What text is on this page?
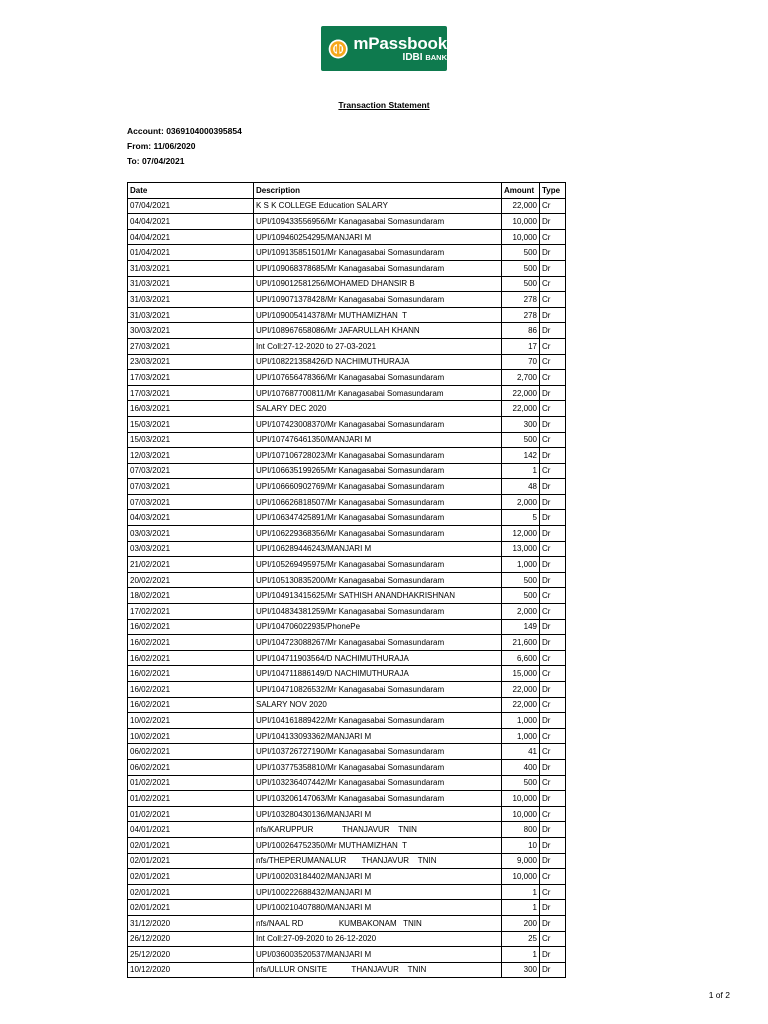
mPassbook
IDBI BANK
Transaction Statement
Account: 0369104000395854
From: 11/06/2020
To: 07/04/2021
Date	Description	Amount	Type
07/04/2021	K S K COLLEGE Education SALARY	22,000	Cr
04/04/2021	UPI/109433556956/Mr Kanagasabai Somasundaram	10,000	Dr
04/04/2021	UPI/109460254295/MANJARI M	10,000	Cr
01/04/2021	UPI/109135851501/Mr Kanagasabai Somasundaram	500	Dr
31/03/2021	UPI/109068378685/Mr Kanagasabai Somasundaram	500	Dr
31/03/2021	UPI/109012581256/MOHAMED DHANSIR B	500	Cr
31/03/2021	UPI/109071378428/Mr Kanagasabai Somasundaram	278	Cr
31/03/2021	UPI/109005414378/Mr MUTHAMIZHAN  T	278	Dr
30/03/2021	UPI/108967658086/Mr JAFARULLAH KHANN	86	Dr
27/03/2021	Int Coll:27-12-2020 to 27-03-2021	17	Cr
23/03/2021	UPI/108221358426/D NACHIMUTHURAJA	70	Cr
17/03/2021	UPI/107656478366/Mr Kanagasabai Somasundaram	2,700	Cr
17/03/2021	UPI/107687700811/Mr Kanagasabai Somasundaram	22,000	Dr
16/03/2021	SALARY DEC 2020	22,000	Cr
15/03/2021	UPI/107423008370/Mr Kanagasabai Somasundaram	300	Dr
15/03/2021	UPI/107476461350/MANJARI M	500	Cr
12/03/2021	UPI/107106728023/Mr Kanagasabai Somasundaram	142	Dr
07/03/2021	UPI/106635199265/Mr Kanagasabai Somasundaram	1	Cr
07/03/2021	UPI/106660902769/Mr Kanagasabai Somasundaram	48	Dr
07/03/2021	UPI/106626818507/Mr Kanagasabai Somasundaram	2,000	Dr
04/03/2021	UPI/106347425891/Mr Kanagasabai Somasundaram	5	Dr
03/03/2021	UPI/106229368356/Mr Kanagasabai Somasundaram	12,000	Dr
03/03/2021	UPI/106289446243/MANJARI M	13,000	Cr
21/02/2021	UPI/105269495975/Mr Kanagasabai Somasundaram	1,000	Dr
20/02/2021	UPI/105130835200/Mr Kanagasabai Somasundaram	500	Dr
18/02/2021	UPI/104913415625/Mr SATHISH ANANDHAKRISHNAN	500	Cr
17/02/2021	UPI/104834381259/Mr Kanagasabai Somasundaram	2,000	Cr
16/02/2021	UPI/104706022935/PhonePe	149	Dr
16/02/2021	UPI/104723088267/Mr Kanagasabai Somasundaram	21,600	Dr
16/02/2021	UPI/104711903564/D NACHIMUTHURAJA	6,600	Cr
16/02/2021	UPI/104711886149/D NACHIMUTHURAJA	15,000	Cr
16/02/2021	UPI/104710826532/Mr Kanagasabai Somasundaram	22,000	Dr
16/02/2021	SALARY NOV 2020	22,000	Cr
10/02/2021	UPI/104161889422/Mr Kanagasabai Somasundaram	1,000	Dr
10/02/2021	UPI/104133093362/MANJARI M	1,000	Cr
06/02/2021	UPI/103726727190/Mr Kanagasabai Somasundaram	41	Cr
06/02/2021	UPI/103775358810/Mr Kanagasabai Somasundaram	400	Dr
01/02/2021	UPI/103236407442/Mr Kanagasabai Somasundaram	500	Cr
01/02/2021	UPI/103206147063/Mr Kanagasabai Somasundaram	10,000	Dr
01/02/2021	UPI/103280430136/MANJARI M	10,000	Cr
04/01/2021	nfs/KARUPPUR             THANJAVUR    TNIN	800	Dr
02/01/2021	UPI/100264752350/Mr MUTHAMIZHAN  T	10	Dr
02/01/2021	nfs/THEPERUMANALUR       THANJAVUR    TNIN	9,000	Dr
02/01/2021	UPI/100203184402/MANJARI M	10,000	Cr
02/01/2021	UPI/100222688432/MANJARI M	1	Cr
02/01/2021	UPI/100210407880/MANJARI M	1	Dr
31/12/2020	nfs/NAAL RD                KUMBAKONAM   TNIN	200	Dr
26/12/2020	Int Coll:27-09-2020 to 26-12-2020	25	Cr
25/12/2020	UPI/036003520537/MANJARI M	1	Dr
10/12/2020	nfs/ULLUR ONSITE           THANJAVUR    TNIN	300	Dr
1 of 2
